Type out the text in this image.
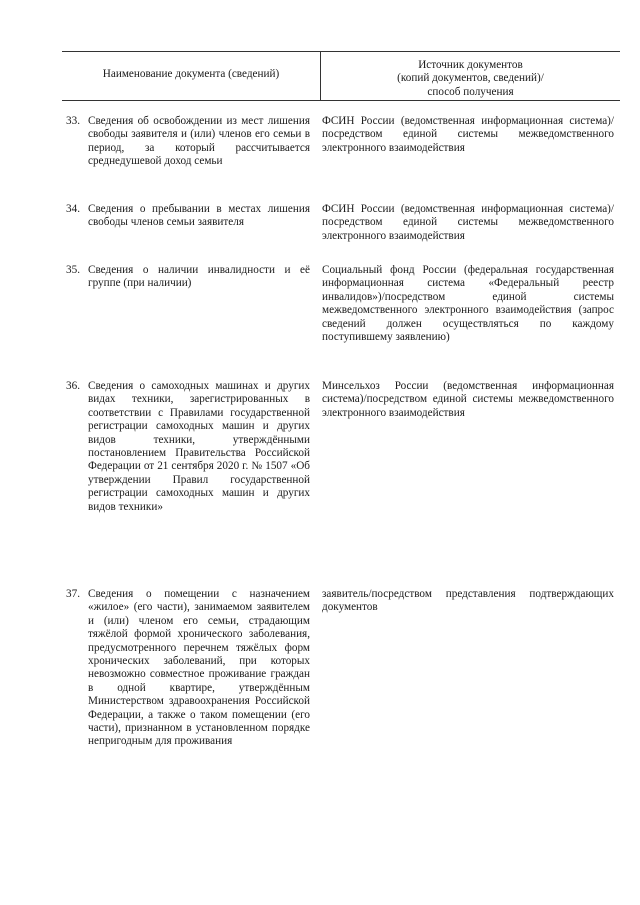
Наименование документа (сведений)
Источник документов
(копий документов, сведений)/
способ получения
33. Сведения об освобождении из мест лишения свободы заявителя и (или) членов его семьи в период, за который рассчитывается среднедушевой доход семьи
ФСИН России (ведомственная информационная система)/посредством единой системы межведомственного электронного взаимодействия
34. Сведения о пребывании в местах лишения свободы членов семьи заявителя
ФСИН России (ведомственная информационная система)/посредством единой системы межведомственного электронного взаимодействия
35. Сведения о наличии инвалидности и её группе (при наличии)
Социальный фонд России (федеральная государственная информационная система «Федеральный реестр инвалидов»)/посредством единой системы межведомственного электронного взаимодействия (запрос сведений должен осуществляться по каждому поступившему заявлению)
36. Сведения о самоходных машинах и других видах техники, зарегистрированных в соответствии с Правилами государственной регистрации самоходных машин и других видов техники, утверждёнными постановлением Правительства Российской Федерации от 21 сентября 2020 г. № 1507 «Об утверждении Правил государственной регистрации самоходных машин и других видов техники»
Минсельхоз России (ведомственная информационная система)/посредством единой системы межведомственного электронного взаимодействия
37. Сведения о помещении с назначением «жилое» (его части), занимаемом заявителем и (или) членом его семьи, страдающим тяжёлой формой хронического заболевания, предусмотренного перечнем тяжёлых форм хронических заболеваний, при которых невозможно совместное проживание граждан в одной квартире, утверждённым Министерством здравоохранения Российской Федерации, а также о таком помещении (его части), признанном в установленном порядке непригодным для проживания
заявитель/посредством представления подтверждающих документов
